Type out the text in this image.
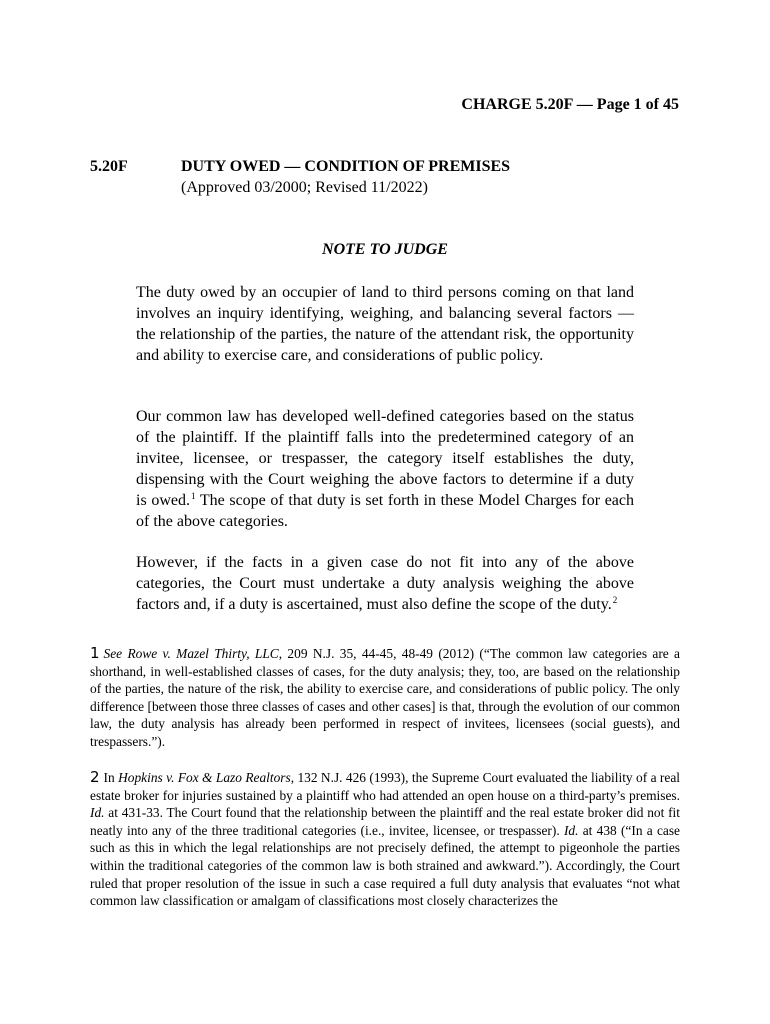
CHARGE 5.20F — Page 1 of 45
5.20F	DUTY OWED — CONDITION OF PREMISES
(Approved 03/2000; Revised 11/2022)
NOTE TO JUDGE

The duty owed by an occupier of land to third persons coming on that land involves an inquiry identifying, weighing, and balancing several factors — the relationship of the parties, the nature of the attendant risk, the opportunity and ability to exercise care, and considerations of public policy.

Our common law has developed well-defined categories based on the status of the plaintiff. If the plaintiff falls into the predetermined category of an invitee, licensee, or trespasser, the category itself establishes the duty, dispensing with the Court weighing the above factors to determine if a duty is owed.$^1$ The scope of that duty is set forth in these Model Charges for each of the above categories.

However, if the facts in a given case do not fit into any of the above categories, the Court must undertake a duty analysis weighing the above factors and, if a duty is ascertained, must also define the scope of the duty.$^2$

1 See Rowe v. Mazel Thirty, LLC, 209 N.J. 35, 44-45, 48-49 (2012) (“The common law categories are a shorthand, in well-established classes of cases, for the duty analysis; they, too, are based on the relationship of the parties, the nature of the risk, the ability to exercise care, and considerations of public policy. The only difference [between those three classes of cases and other cases] is that, through the evolution of our common law, the duty analysis has already been performed in respect of invitees, licensees (social guests), and trespassers.”).
2 In Hopkins v. Fox & Lazo Realtors, 132 N.J. 426 (1993), the Supreme Court evaluated the liability of a real estate broker for injuries sustained by a plaintiff who had attended an open house on a third-party’s premises. Id. at 431-33. The Court found that the relationship between the plaintiff and the real estate broker did not fit neatly into any of the three traditional categories (i.e., invitee, licensee, or trespasser). Id. at 438 (“In a case such as this in which the legal relationships are not precisely defined, the attempt to pigeonhole the parties within the traditional categories of the common law is both strained and awkward.”). Accordingly, the Court ruled that proper resolution of the issue in such a case required a full duty analysis that evaluates “not what common law classification or amalgam of classifications most closely characterizes the
